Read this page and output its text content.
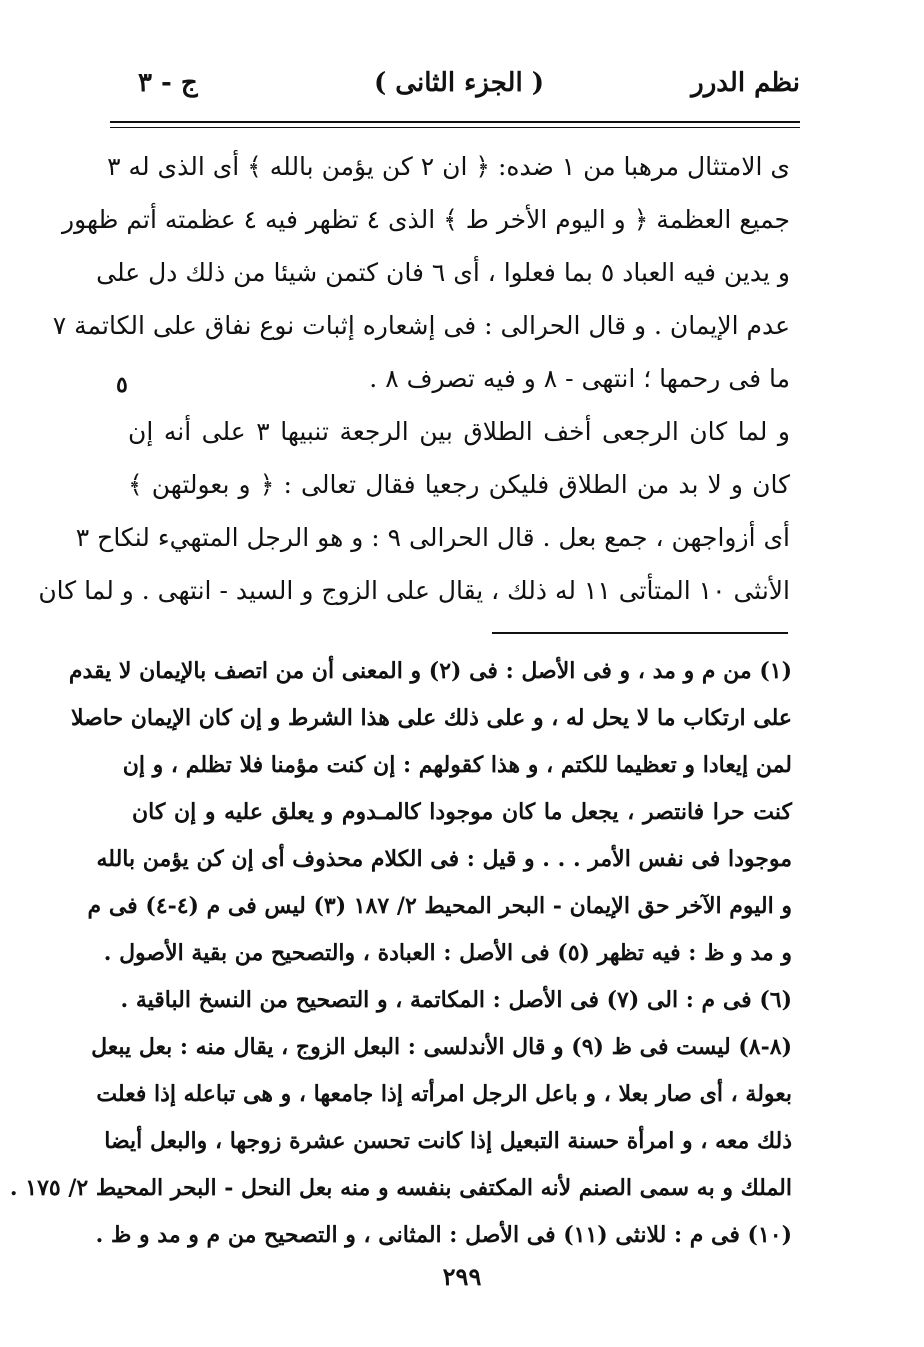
نظم الدرر
( الجزء الثانى )
ج - ٣
ى الامتثال مرهبا من ١ ضده: ﴿ ان ٢ كن يؤمن بالله ﴾ أى الذى له ٣
جميع العظمة ﴿ و اليوم الأخر ط ﴾ الذى ٤ تظهر فيه ٤ عظمته أتم ظهور
و يدين فيه العباد ٥ بما فعلوا ، أى ٦ فان كتمن شيئا من ذلك دل على
عدم الإيمان . و قال الحرالى : فى إشعاره إثبات نوع نفاق على الكاتمة ٧
ما فى رحمها ؛ انتهى - ٨ و فيه تصرف ٨ .
و لما كان الرجعى أخف الطلاق بين الرجعة تنبيها ٣ على أنه إن
كان و لا بد من الطلاق فليكن رجعيا فقال تعالى : ﴿ و بعولتهن ﴾
أى أزواجهن ، جمع بعل . قال الحرالى ٩ : و هو الرجل المتهيء لنكاح ٣
الأنثى ١٠ المتأتى ١١ له ذلك ، يقال على الزوج و السيد - انتهى . و لما كان
٥
(١) من م و مد ، و فى الأصل : فى (٢) و المعنى أن من اتصف بالإيمان لا يقدم
على ارتكاب ما لا يحل له ، و على ذلك على هذا الشرط و إن كان الإيمان حاصلا
لمن إيعادا و تعظيما للكتم ، و هذا كقولهم : إن كنت مؤمنا فلا تظلم ، و إن
كنت حرا فانتصر ، يجعل ما كان موجودا كالمـدوم و يعلق عليه و إن كان
موجودا فى نفس الأمر . . . و قيل : فى الكلام محذوف أى إن كن يؤمن بالله
و اليوم الآخر حق الإيمان - البحر المحيط ٢/ ١٨٧ (٣) ليس فى م (٤-٤) فى م
و مد و ظ : فيه تظهر (٥) فى الأصل : العبادة ، والتصحيح من بقية الأصول .
(٦) فى م : الى (٧) فى الأصل : المكاتمة ، و التصحيح من النسخ الباقية .
(٨-٨) ليست فى ظ (٩) و قال الأندلسى : البعل الزوج ، يقال منه : بعل يبعل
بعولة ، أى صار بعلا ، و باعل الرجل امرأته إذا جامعها ، و هى تباعله إذا فعلت
ذلك معه ، و امرأة حسنة التبعيل إذا كانت تحسن عشرة زوجها ، والبعل أيضا
الملك و به سمى الصنم لأنه المكتفى بنفسه و منه بعل النحل - البحر المحيط ٢/ ١٧٥ .
(١٠) فى م : للانثى (١١) فى الأصل : المثانى ، و التصحيح من م و مد و ظ .
٢٩٩
